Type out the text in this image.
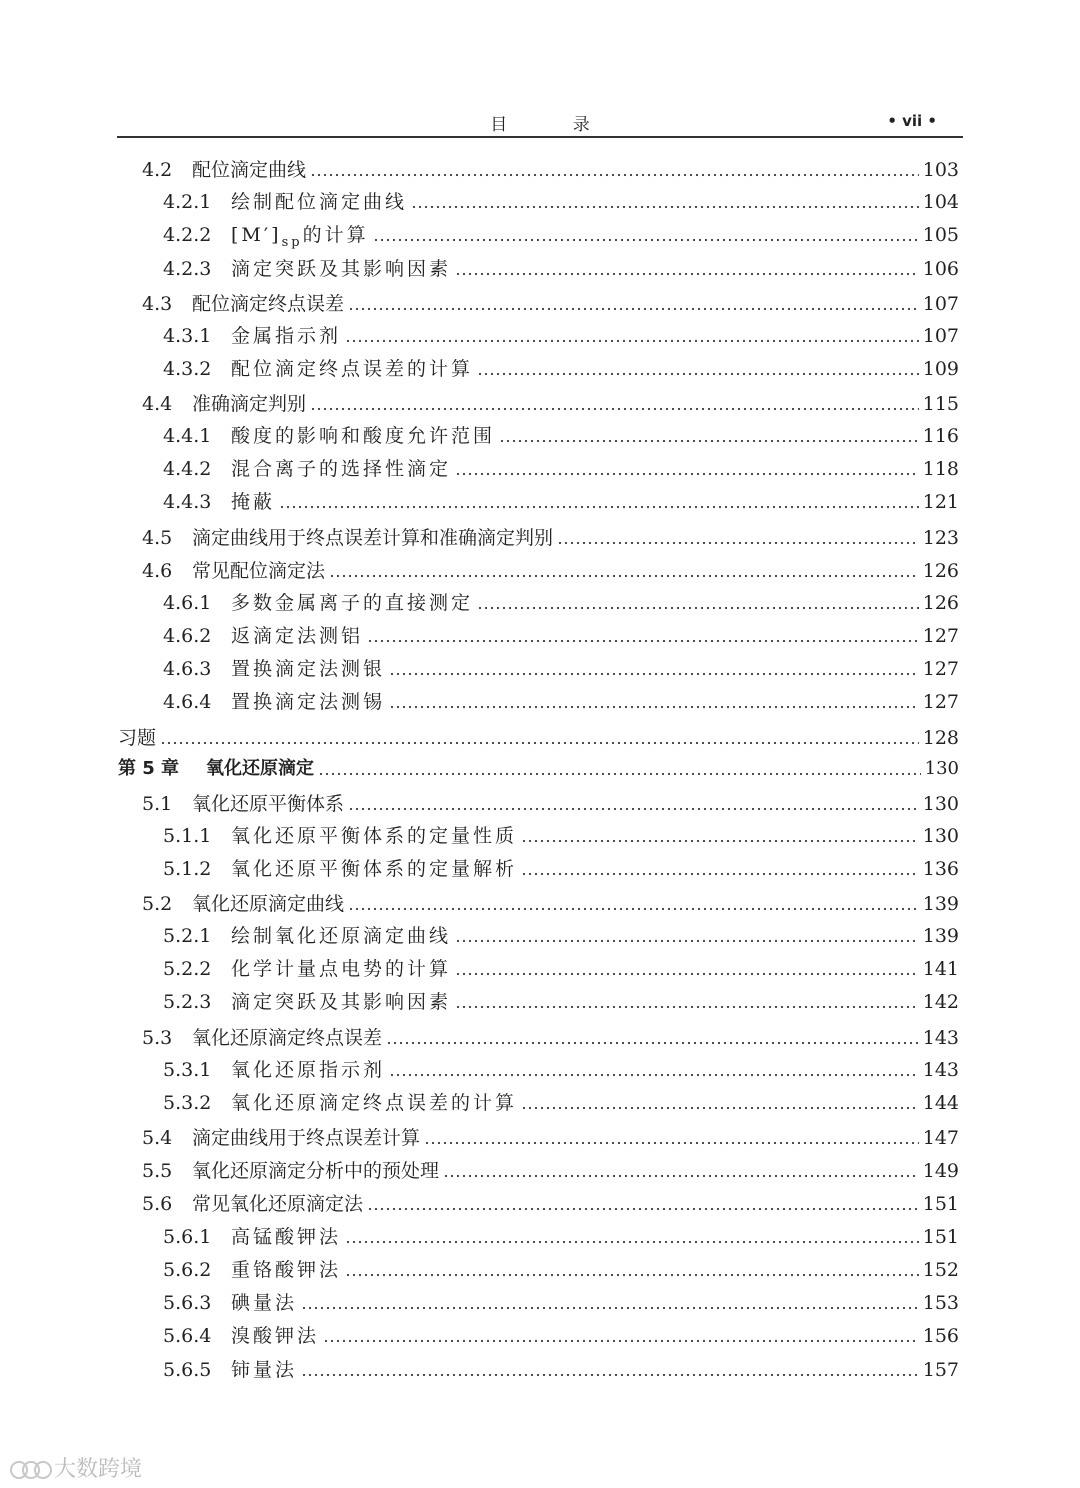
目 录	• vii •
4.2	配位滴定曲线	103
4.2.1	绘制配位滴定曲线	104
4.2.2	$[M']_{sp}$的计算	105
4.2.3	滴定突跃及其影响因素	106
4.3	配位滴定终点误差	107
4.3.1	金属指示剂	107
4.3.2	配位滴定终点误差的计算	109
4.4	准确滴定判别	115
4.4.1	酸度的影响和酸度允许范围	116
4.4.2	混合离子的选择性滴定	118
4.4.3	掩蔽	121
4.5	滴定曲线用于终点误差计算和准确滴定判别	123
4.6	常见配位滴定法	126
4.6.1	多数金属离子的直接测定	126
4.6.2	返滴定法测铝	127
4.6.3	置换滴定法测银	127
4.6.4	置换滴定法测锡	127
习题	128
第 5 章	氧化还原滴定	130
5.1	氧化还原平衡体系	130
5.1.1	氧化还原平衡体系的定量性质	130
5.1.2	氧化还原平衡体系的定量解析	136
5.2	氧化还原滴定曲线	139
5.2.1	绘制氧化还原滴定曲线	139
5.2.2	化学计量点电势的计算	141
5.2.3	滴定突跃及其影响因素	142
5.3	氧化还原滴定终点误差	143
5.3.1	氧化还原指示剂	143
5.3.2	氧化还原滴定终点误差的计算	144
5.4	滴定曲线用于终点误差计算	147
5.5	氧化还原滴定分析中的预处理	149
5.6	常见氧化还原滴定法	151
5.6.1	高锰酸钾法	151
5.6.2	重铬酸钾法	152
5.6.3	碘量法	153
5.6.4	溴酸钾法	156
5.6.5	铈量法	157
大数跨境
